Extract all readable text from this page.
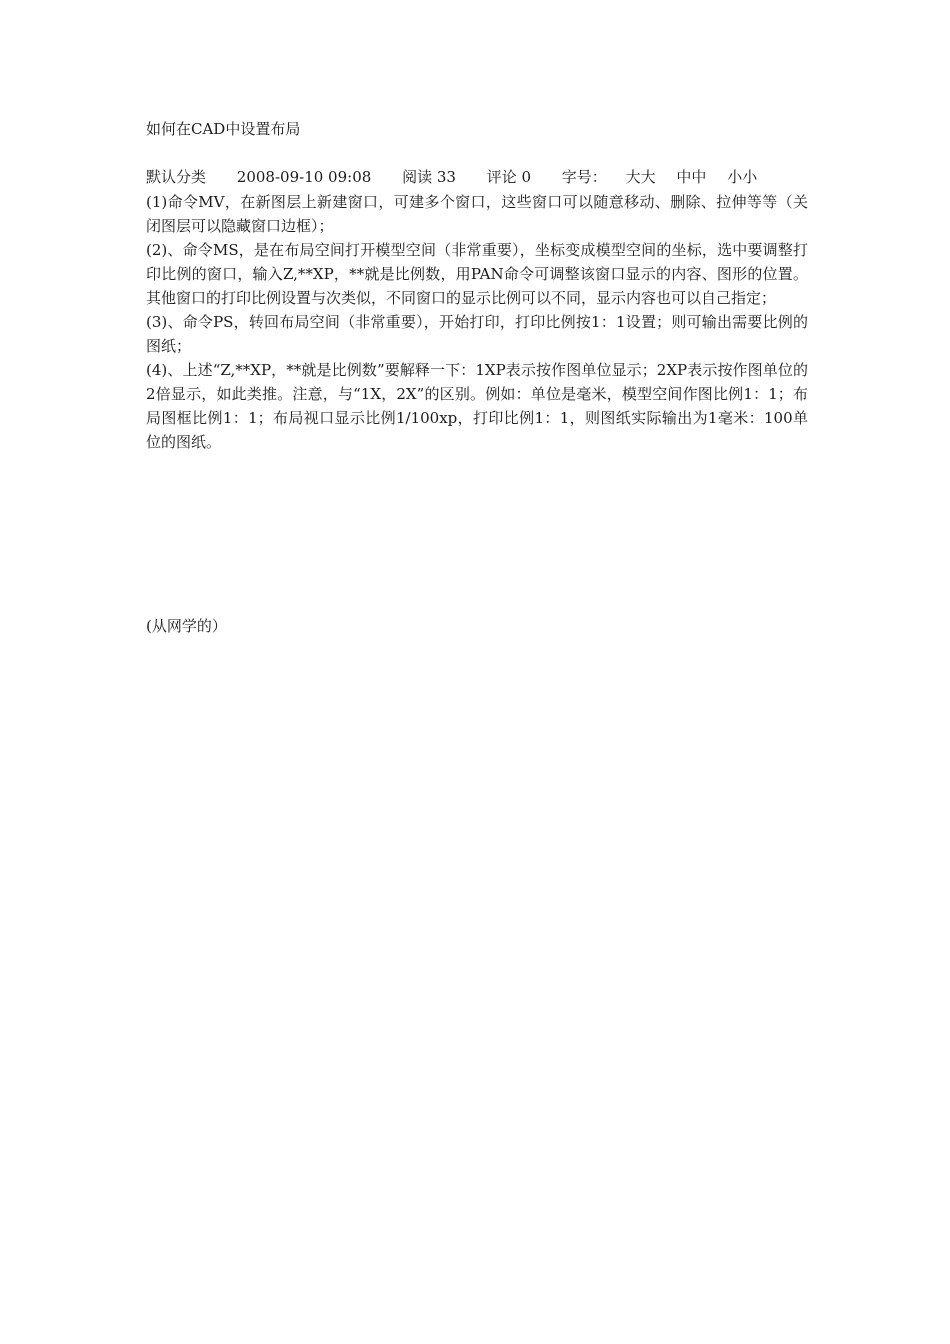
如何在CAD中设置布局
默认分类 2008-09-10 09:08 阅读 33 评论 0 字号： 大大 中中 小小

(1)命令MV，在新图层上新建窗口，可建多个窗口，这些窗口可以随意移动、删除、拉伸等等（关闭图层可以隐藏窗口边框）；

(2)、命令MS，是在布局空间打开模型空间（非常重要），坐标变成模型空间的坐标，选中要调整打印比例的窗口，输入Z,**XP，**就是比例数，用PAN命令可调整该窗口显示的内容、图形的位置。其他窗口的打印比例设置与次类似，不同窗口的显示比例可以不同，显示内容也可以自己指定；

(3)、命令PS，转回布局空间（非常重要），开始打印，打印比例按1：1设置；则可输出需要比例的图纸；

(4)、上述“Z,**XP，**就是比例数”要解释一下：1XP表示按作图单位显示；2XP表示按作图单位的2倍显示，如此类推。注意，与“1X，2X”的区别。例如：单位是毫米，模型空间作图比例1：1；布局图框比例1：1；布局视口显示比例1/100xp，打印比例1：1，则图纸实际输出为1毫米：100单位的图纸。

(从网学的）
